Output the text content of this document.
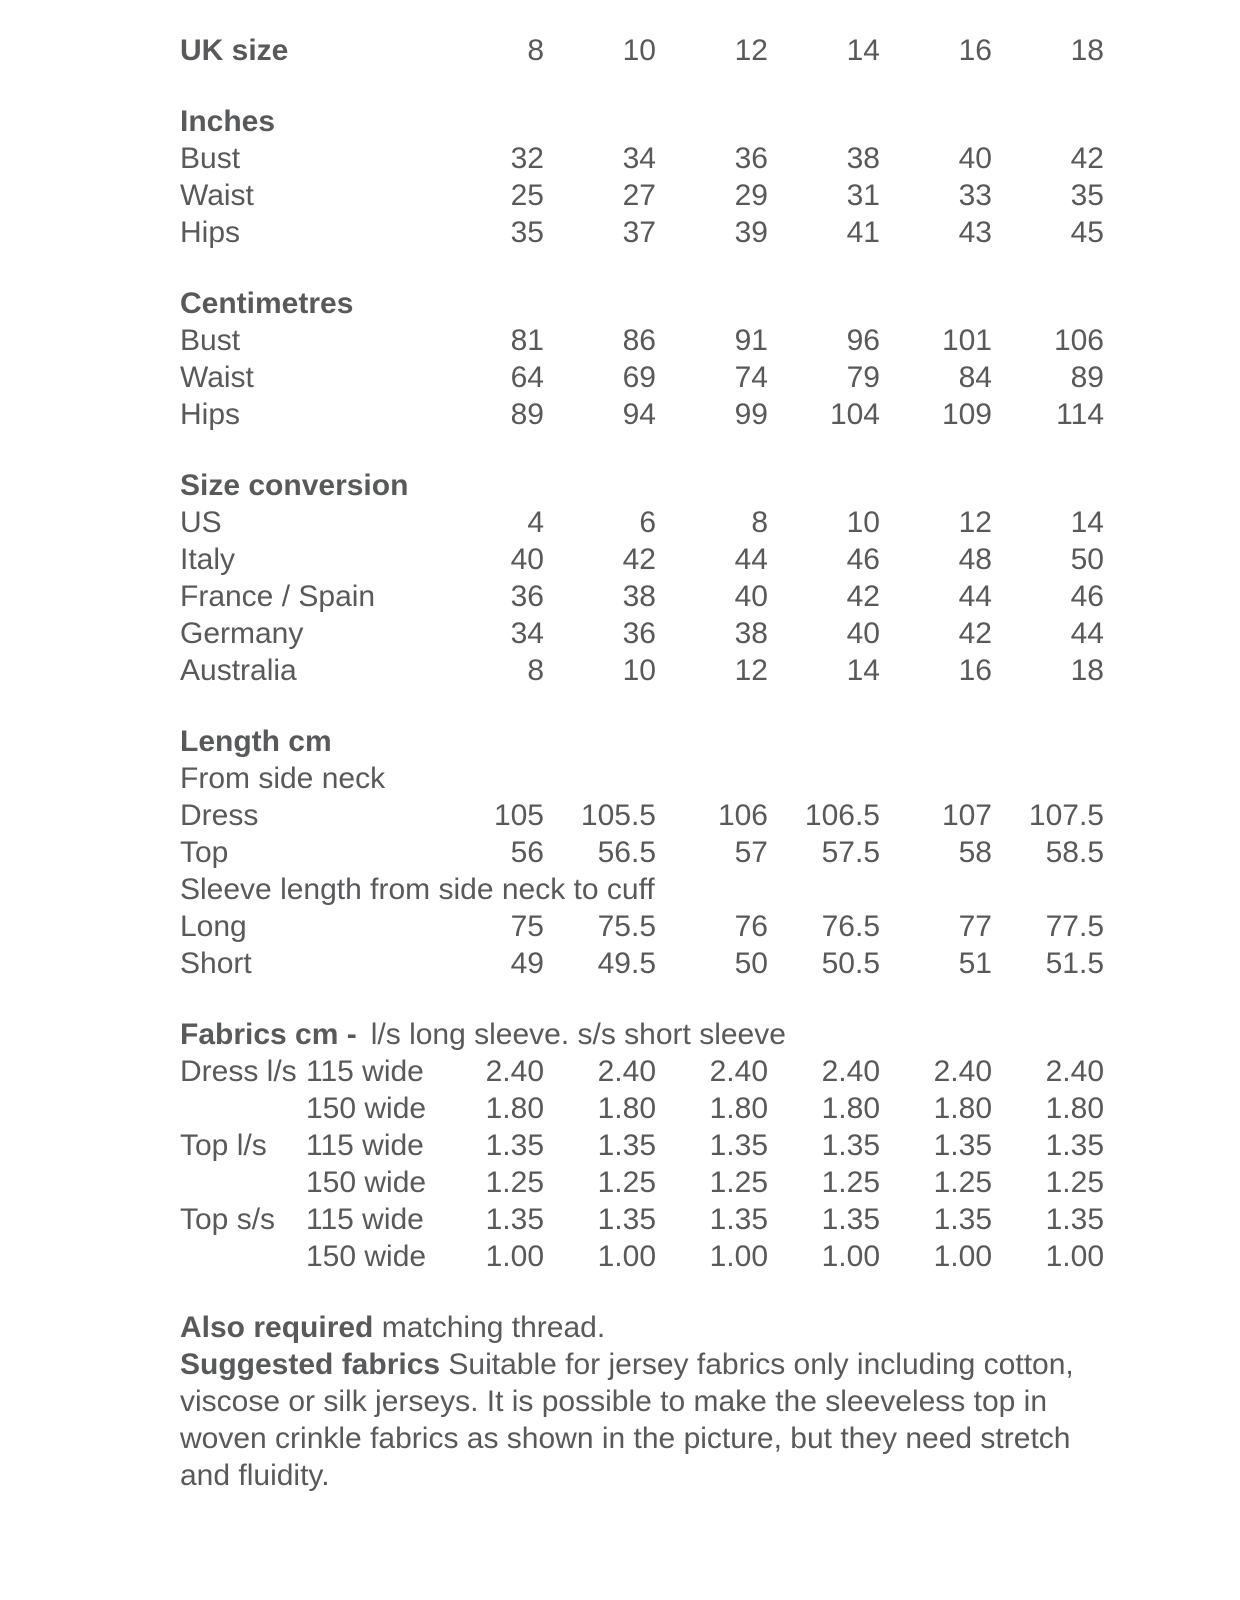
UK size		8	10	12	14	16	18

Inches							
Bust		32	34	36	38	40	42
Waist		25	27	29	31	33	35
Hips		35	37	39	41	43	45

Centimetres							
Bust		81	86	91	96	101	106
Waist		64	69	74	79	84	89
Hips		89	94	99	104	109	114

Size conversion							
US		4	6	8	10	12	14
Italy		40	42	44	46	48	50
France / Spain		36	38	40	42	44	46
Germany		34	36	38	40	42	44
Australia		8	10	12	14	16	18

Length cm							
From side neck							
Dress		105	105.5	106	106.5	107	107.5
Top		56	56.5	57	57.5	58	58.5
Sleeve length from side neck to cuff							
Long		75	75.5	76	76.5	77	77.5
Short		49	49.5	50	50.5	51	51.5

Fabrics cm - l/s long sleeve. s/s short sleeve							
Dress l/s	115 wide	2.40	2.40	2.40	2.40	2.40	2.40
	150 wide	1.80	1.80	1.80	1.80	1.80	1.80
Top l/s	115 wide	1.35	1.35	1.35	1.35	1.35	1.35
	150 wide	1.25	1.25	1.25	1.25	1.25	1.25
Top s/s	115 wide	1.35	1.35	1.35	1.35	1.35	1.35
	150 wide	1.00	1.00	1.00	1.00	1.00	1.00

Also required matching thread.

Suggested fabrics Suitable for jersey fabrics only including cotton, viscose or silk jerseys. It is possible to make the sleeveless top in woven crinkle fabrics as shown in the picture, but they need stretch and fluidity.
